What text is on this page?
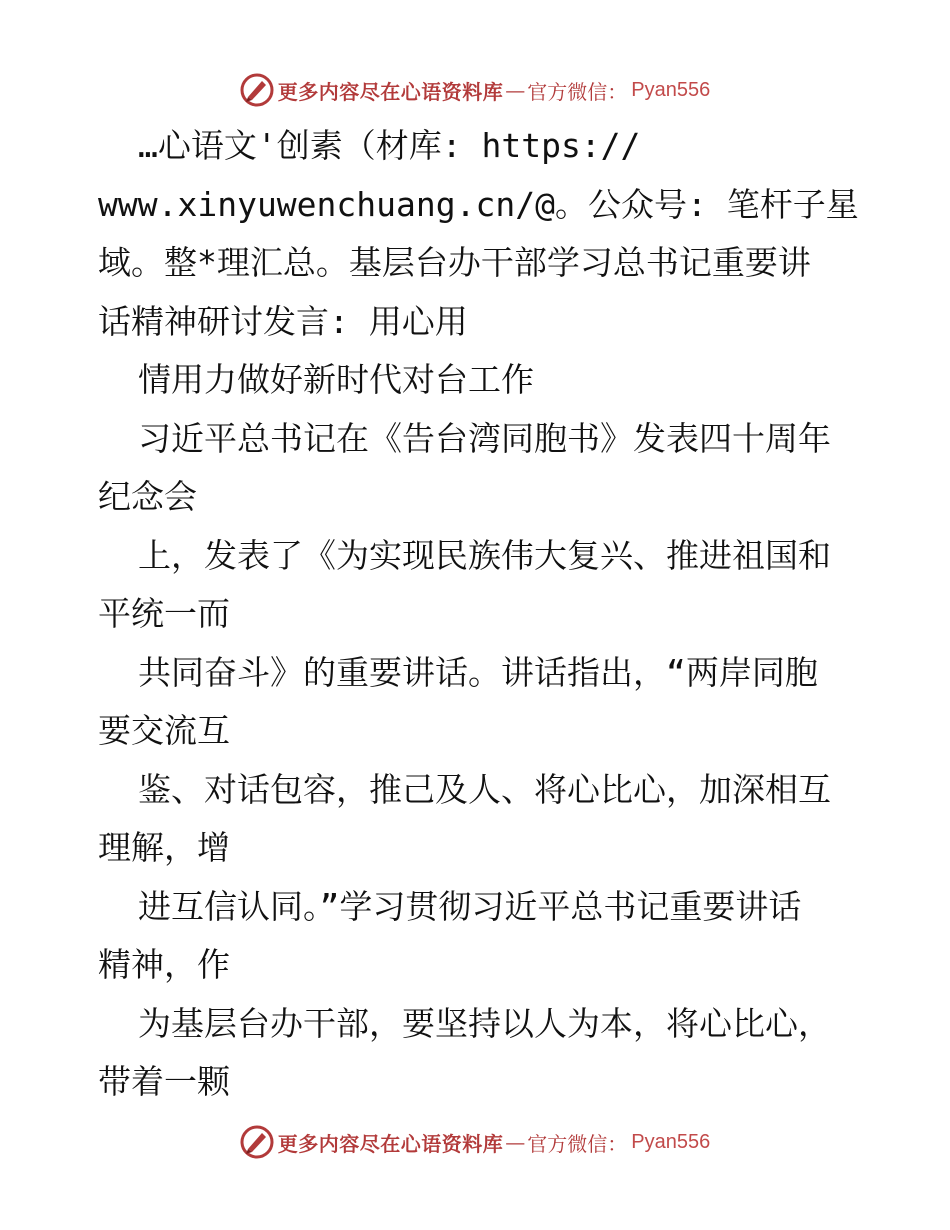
更多内容尽在心语资料库 — 官方微信： Pyan556
…心语文'创素（材库: https://
www.xinyuwenchuang.cn/@。公众号: 笔杆子星
域。整*理汇总。基层台办干部学习总书记重要讲
话精神研讨发言: 用心用
情用力做好新时代对台工作
习近平总书记在《告台湾同胞书》发表四十周年
纪念会
上，发表了《为实现民族伟大复兴、推进祖国和
平统一而
共同奋斗》的重要讲话。讲话指出，“两岸同胞
要交流互
鉴、对话包容，推己及人、将心比心，加深相互
理解，增
进互信认同。”学习贯彻习近平总书记重要讲话
精神，作
为基层台办干部，要坚持以人为本，将心比心，
带着一颗
更多内容尽在心语资料库 — 官方微信： Pyan556
